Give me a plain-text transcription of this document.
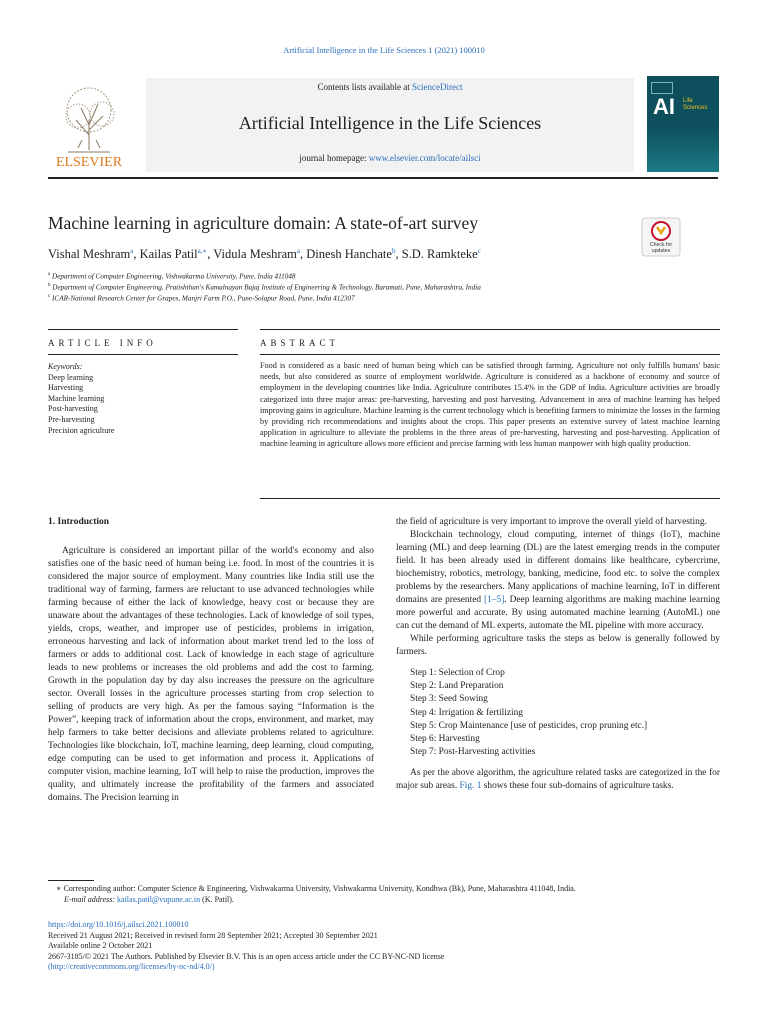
Artificial Intelligence in the Life Sciences 1 (2021) 100010
ELSEVIER
Contents lists available at ScienceDirect
Artificial Intelligence in the Life Sciences
journal homepage: www.elsevier.com/locate/ailsci
AI Life Sciences
Machine learning in agriculture domain: A state-of-art survey
Check for updates
Vishal Meshram$^a$, Kailas Patil$^{a,∗}$, Vidula Meshram$^a$, Dinesh Hanchate$^b$, S.D. Ramkteke$^c$
$^a$ Department of Computer Engineering, Vishwakarma University, Pune, India 411048
$^b$ Department of Computer Engineering, Pratishthan's Kamalnayan Bajaj Institute of Engineering & Technology, Baramati, Pune, Maharashtra, India
$^c$ ICAR-National Research Center for Grapes, Manjri Farm P.O., Pune-Solapur Road, Pune, India 412307
ARTICLE INFO	ABSTRACT
Keywords:
Deep learning
Harvesting
Machine learning
Post-harvesting
Pre-harvesting
Precision agriculture
Food is considered as a basic need of human being which can be satisfied through farming. Agriculture not only fulfills humans' basic needs, but also considered as source of employment worldwide. Agriculture is considered as a backbone of economy and source of employment in the developing countries like India. Agriculture contributes 15.4% in the GDP of India. Agriculture activities are broadly categorized into three major areas: pre-harvesting, harvesting and post harvesting. Advancement in area of machine learning has helped improving gains in agriculture. Machine learning is the current technology which is benefiting farmers to minimize the losses in the farming by providing rich recommendations and insights about the crops. This paper presents an extensive survey of latest machine learning application in agriculture to alleviate the problems in the three areas of pre-harvesting, harvesting and post-harvesting. Application of machine learning in agriculture allows more efficient and precise farming with less human manpower with high quality production.
1. Introduction

Agriculture is considered an important pillar of the world's economy and also satisfies one of the basic need of human being i.e. food. In most of the countries it is considered the major source of employment. Many countries like India still use the traditional way of farming, farmers are reluctant to use advanced technologies while farming because of either the lack of knowledge, heavy cost or because they are unaware about the advantages of these technologies. Lack of knowledge of soil types, yields, crops, weather, and improper use of pesticides, problems in irrigation, erroneous harvesting and lack of information about market trend led to the loss of farmers or adds to additional cost. Lack of knowledge in each stage of agriculture leads to new problems or increases the old problems and add the cost to farming. Growth in the population day by day also increases the pressure on the agriculture sector. Overall losses in the agriculture processes starting from crop selection to selling of products are very high. As per the famous saying “Information is the Power”, keeping track of information about the crops, environment, and market, may help farmers to take better decisions and alleviate problems related to agriculture. Technologies like blockchain, IoT, machine learning, deep learning, cloud computing, edge computing can be used to get information and process it. Applications of computer vision, machine learning, IoT will help to raise the production, improves the quality, and ultimately increase the profitability of the farmers and associated domains. The Precision learning in

the field of agriculture is very important to improve the overall yield of harvesting.

Blockchain technology, cloud computing, internet of things (IoT), machine learning (ML) and deep learning (DL) are the latest emerging trends in the computer field. It has been already used in different domains like healthcare, cybercrime, biochemistry, robotics, metrology, banking, medicine, food etc. to solve the complex problems by the researchers. Many applications of machine learning, IoT in different domains are presented [1–5]. Deep learning algorithms are making machine learning more powerful and accurate. By using automated machine learning (AutoML) one can cut the demand of ML experts, automate the ML pipeline with more accuracy.

While performing agriculture tasks the steps as below is generally followed by farmers.

Step 1: Selection of Crop
Step 2: Land Preparation
Step 3: Seed Sowing
Step 4: Irrigation & fertilizing
Step 5: Crop Maintenance [use of pesticides, crop pruning etc.]
Step 6: Harvesting
Step 7: Post-Harvesting activities

As per the above algorithm, the agriculture related tasks are categorized in the for major sub areas. Fig. 1 shows these four sub-domains of agriculture tasks.

∗ Corresponding author: Computer Science & Engineering, Vishwakarma University, Vishwakarma University, Kondhwa (Bk), Pune, Maharashtra 411048, India.
E-mail address: kailas.patil@vupune.ac.in (K. Patil).
https://doi.org/10.1016/j.ailsci.2021.100010
Received 21 August 2021; Received in revised form 28 September 2021; Accepted 30 September 2021
Available online 2 October 2021
2667-3185/© 2021 The Authors. Published by Elsevier B.V. This is an open access article under the CC BY-NC-ND license
(http://creativecommons.org/licenses/by-nc-nd/4.0/)
